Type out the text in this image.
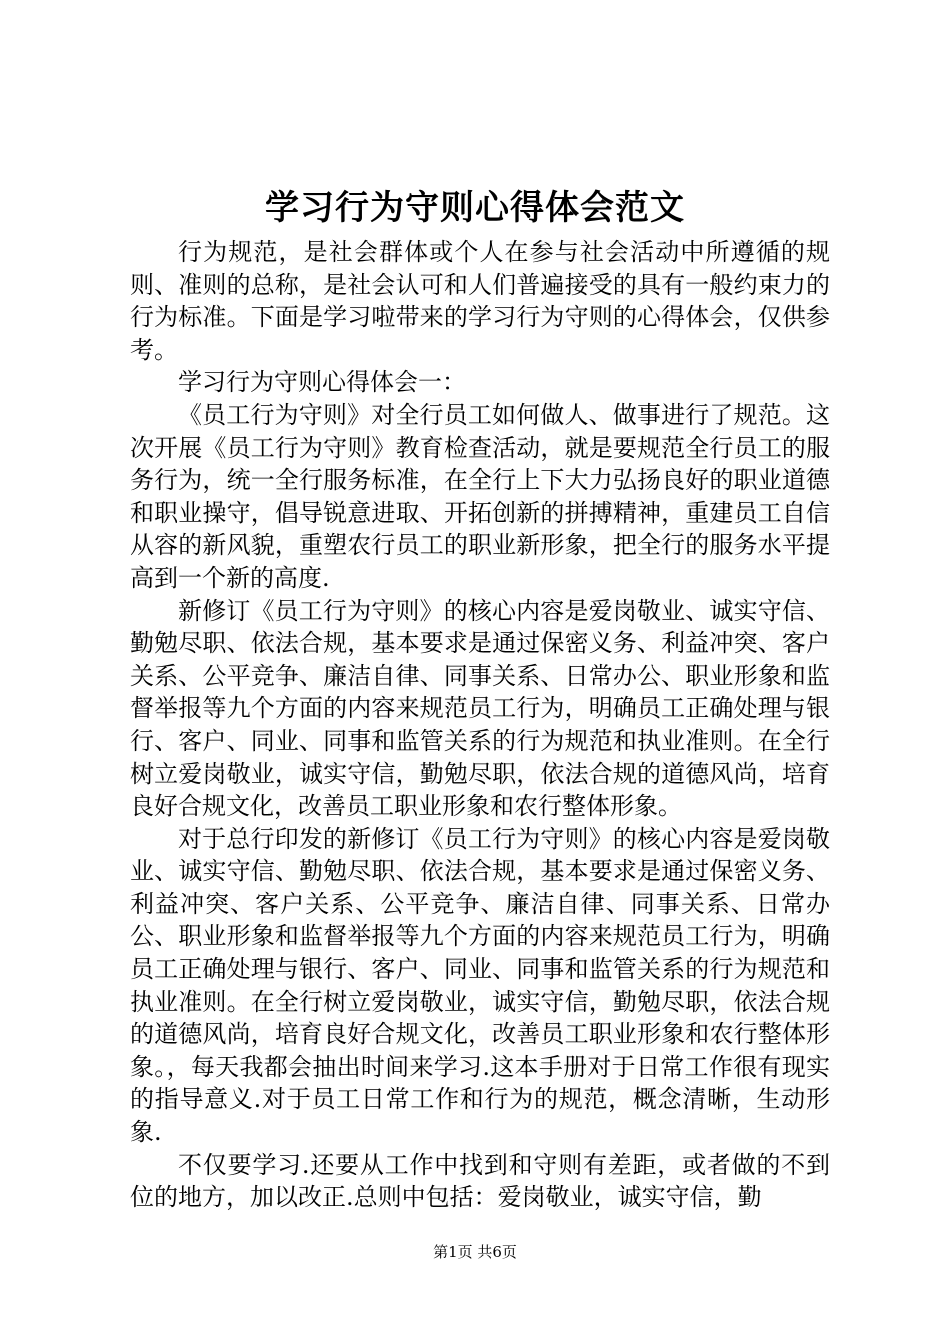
学习行为守则心得体会范文

行为规范，是社会群体或个人在参与社会活动中所遵循的规则、准则的总称，是社会认可和人们普遍接受的具有一般约束力的行为标准。下面是学习啦带来的学习行为守则的心得体会，仅供参考。

学习行为守则心得体会一：

《员工行为守则》对全行员工如何做人、做事进行了规范。这次开展《员工行为守则》教育检查活动，就是要规范全行员工的服务行为，统一全行服务标准，在全行上下大力弘扬良好的职业道德和职业操守，倡导锐意进取、开拓创新的拼搏精神，重建员工自信从容的新风貌，重塑农行员工的职业新形象，把全行的服务水平提高到一个新的高度.

新修订《员工行为守则》的核心内容是爱岗敬业、诚实守信、勤勉尽职、依法合规，基本要求是通过保密义务、利益冲突、客户关系、公平竞争、廉洁自律、同事关系、日常办公、职业形象和监督举报等九个方面的内容来规范员工行为，明确员工正确处理与银行、客户、同业、同事和监管关系的行为规范和执业准则。在全行树立爱岗敬业，诚实守信，勤勉尽职，依法合规的道德风尚，培育良好合规文化，改善员工职业形象和农行整体形象。

对于总行印发的新修订《员工行为守则》的核心内容是爱岗敬业、诚实守信、勤勉尽职、依法合规，基本要求是通过保密义务、利益冲突、客户关系、公平竞争、廉洁自律、同事关系、日常办公、职业形象和监督举报等九个方面的内容来规范员工行为，明确员工正确处理与银行、客户、同业、同事和监管关系的行为规范和执业准则。在全行树立爱岗敬业，诚实守信，勤勉尽职，依法合规的道德风尚，培育良好合规文化，改善员工职业形象和农行整体形象。，每天我都会抽出时间来学习.这本手册对于日常工作很有现实的指导意义.对于员工日常工作和行为的规范，概念清晰，生动形象.

不仅要学习.还要从工作中找到和守则有差距，或者做的不到位的地方，加以改正.总则中包括：爱岗敬业，诚实守信，勤

第1页 共6页
